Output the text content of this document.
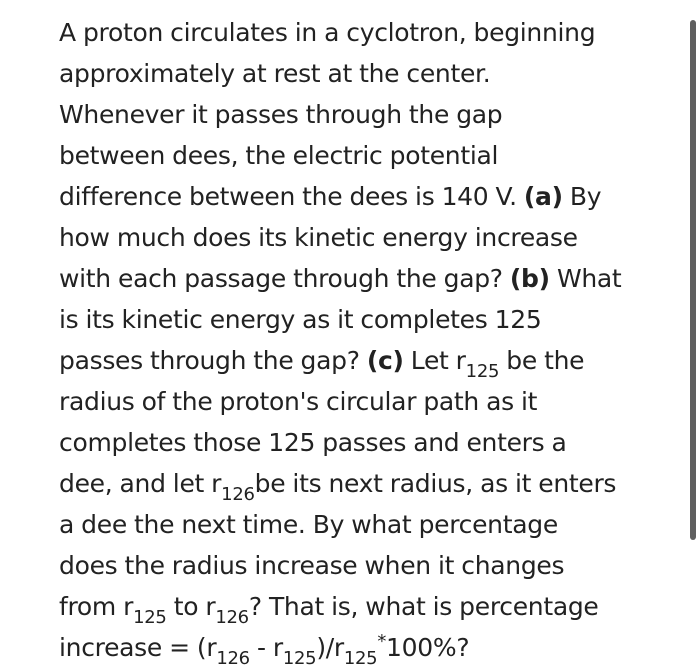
A proton circulates in a cyclotron, beginning
approximately at rest at the center.
Whenever it passes through the gap
between dees, the electric potential
difference between the dees is 140 V. (a) By
how much does its kinetic energy increase
with each passage through the gap? (b) What
is its kinetic energy as it completes 125
passes through the gap? (c) Let $r_{125}$ be the
radius of the proton's circular path as it
completes those 125 passes and enters a
dee, and let $r_{126}be$ its next radius, as it enters
a dee the next time. By what percentage
does the radius increase when it changes
from $r_{125}$ to $r_{126}$? That is, what is percentage
increase = $(r_{126} - r_{125})/r_{125}^*100\%$?
